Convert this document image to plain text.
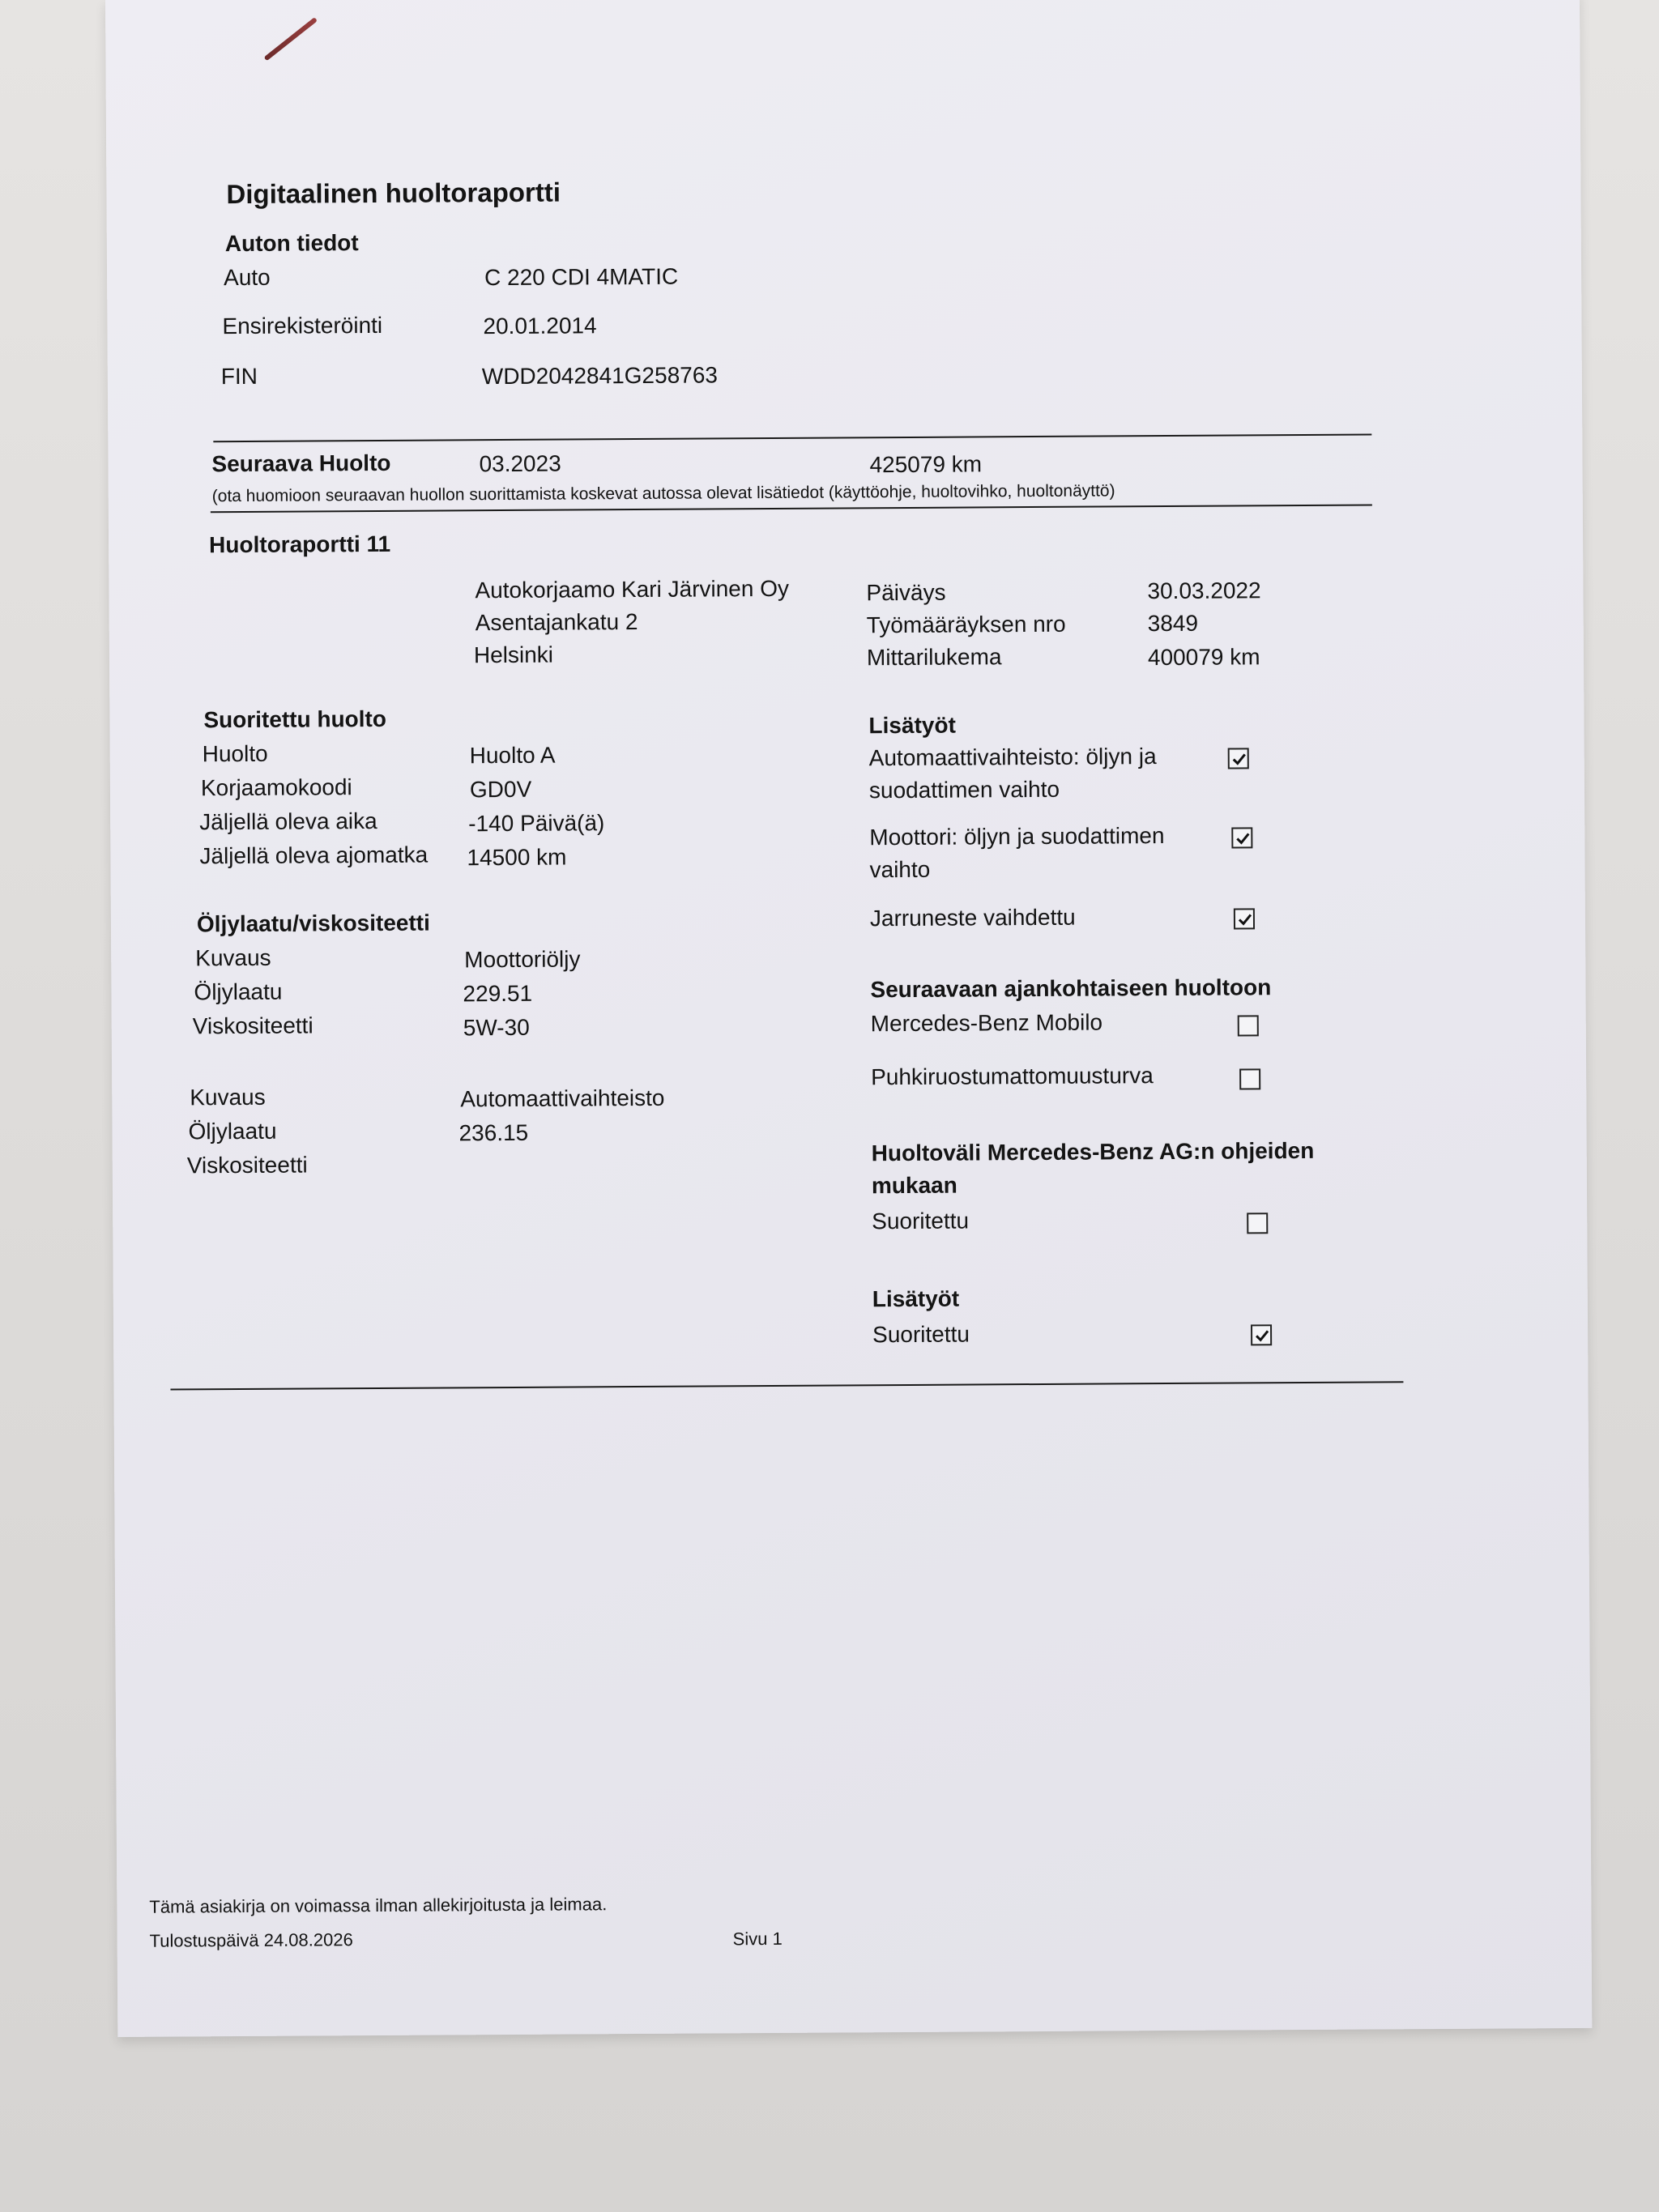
Digitaalinen huoltoraportti
Auton tiedot
Auto	C 220 CDI 4MATIC
Ensirekisteröinti	20.01.2014
FIN	WDD2042841G258763
Seuraava Huolto	03.2023	425079 km
(ota huomioon seuraavan huollon suorittamista koskevat autossa olevat lisätiedot (käyttöohje, huoltovihko, huoltonäyttö)
Huoltoraportti 11
Autokorjaamo Kari Järvinen Oy
Asentajankatu 2
Helsinki
Päiväys	30.03.2022
Työmääräyksen nro	3849
Mittarilukema	400079 km
Suoritettu huolto
Huolto	Huolto A
Korjaamokoodi	GD0V
Jäljellä oleva aika	-140 Päivä(ä)
Jäljellä oleva ajomatka 14500 km
Öljylaatu/viskositeetti
Kuvaus	Moottoriöljy
Öljylaatu	229.51
Viskositeetti	5W-30
Kuvaus	Automaattivaihteisto
Öljylaatu	236.15
Viskositeetti
Lisätyöt
Automaattivaihteisto: öljyn ja
suodattimen vaihto
Moottori: öljyn ja suodattimen
vaihto
Jarruneste vaihdettu
Seuraavaan ajankohtaiseen huoltoon
Mercedes-Benz Mobilo
Puhkiruostumattomuusturva
Huoltoväli Mercedes-Benz AG:n ohjeiden
mukaan
Suoritettu
Lisätyöt
Suoritettu
Tämä asiakirja on voimassa ilman allekirjoitusta ja leimaa.
Tulostuspäivä 24.08.2026	Sivu 1
